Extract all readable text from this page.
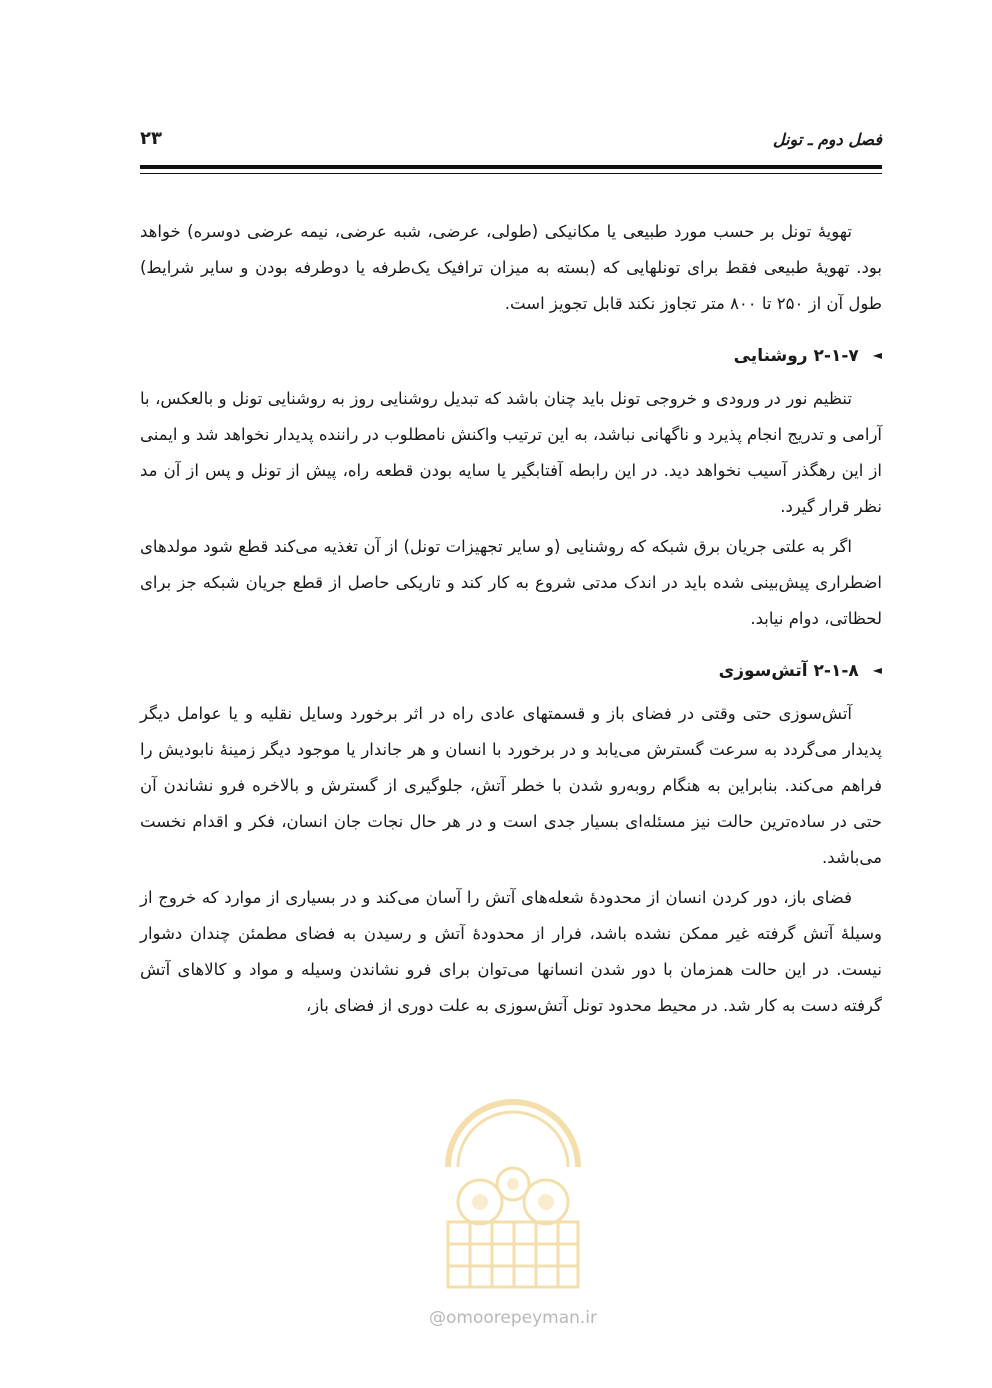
فصل دوم ـ تونل
۲۳

تهویهٔ تونل بر حسب مورد طبیعی یا مکانیکی (طولی، عرضی، شبه عرضی، نیمه عرضی دوسره) خواهد بود. تهویهٔ طبیعی فقط برای تونلهایی که (بسته به میزان ترافیک یک‌طرفه یا دوطرفه بودن و سایر شرایط) طول آن از ۲۵۰ تا ۸۰۰ متر تجاوز نکند قابل تجویز است.

◄۲-۱-۷ روشنایی

تنظیم نور در ورودی و خروجی تونل باید چنان باشد که تبدیل روشنایی روز به روشنایی تونل و بالعکس، با آرامی و تدریج انجام پذیرد و ناگهانی نباشد، به این ترتیب واکنش نامطلوب در راننده پدیدار نخواهد شد و ایمنی از این رهگذر آسیب نخواهد دید. در این رابطه آفتابگیر یا سایه بودن قطعه راه، پیش از تونل و پس از آن مد نظر قرار گیرد.

اگر به علتی جریان برق شبکه که روشنایی (و سایر تجهیزات تونل) از آن تغذیه می‌کند قطع شود مولدهای اضطراری پیش‌بینی شده باید در اندک مدتی شروع به کار کند و تاریکی حاصل از قطع جریان شبکه جز برای لحظاتی، دوام نیابد.

◄۲-۱-۸ آتش‌سوزی

آتش‌سوزی حتی وقتی در فضای باز و قسمتهای عادی راه در اثر برخورد وسایل نقلیه و یا عوامل دیگر پدیدار می‌گردد به سرعت گسترش می‌یابد و در برخورد با انسان و هر جاندار یا موجود دیگر زمینهٔ نابودیش را فراهم می‌کند. بنابراین به هنگام روبه‌رو شدن با خطر آتش، جلوگیری از گسترش و بالاخره فرو نشاندن آن حتی در ساده‌ترین حالت نیز مسئله‌ای بسیار جدی است و در هر حال نجات جان انسان، فکر و اقدام نخست می‌باشد.

فضای باز، دور کردن انسان از محدودهٔ شعله‌های آتش را آسان می‌کند و در بسیاری از موارد که خروج از وسیلهٔ آتش گرفته غیر ممکن نشده باشد، فرار از محدودهٔ آتش و رسیدن به فضای مطمئن چندان دشوار نیست. در این حالت همزمان با دور شدن انسانها می‌توان برای فرو نشاندن وسیله و مواد و کالاهای آتش گرفته دست به کار شد. در محیط محدود تونل آتش‌سوزی به علت دوری از فضای باز،

@omoorepeyman.ir
